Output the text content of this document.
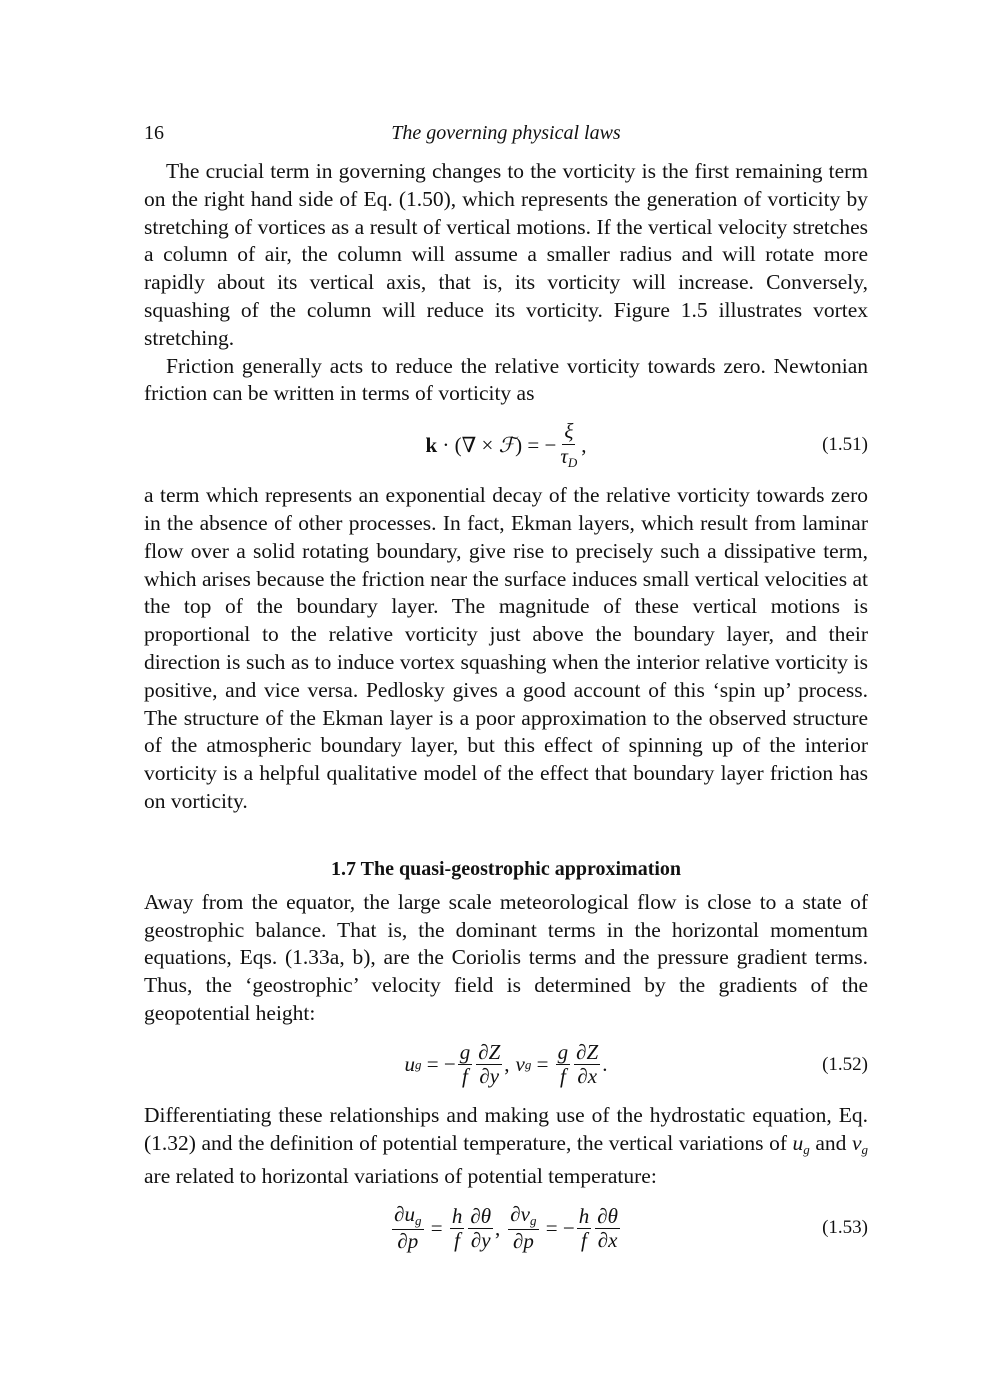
16	The governing physical laws

The crucial term in governing changes to the vorticity is the first remaining term on the right hand side of Eq. (1.50), which represents the generation of vorticity by stretching of vortices as a result of vertical motions. If the vertical velocity stretches a column of air, the column will assume a smaller radius and will rotate more rapidly about its vertical axis, that is, its vorticity will increase. Conversely, squashing of the column will reduce its vorticity. Figure 1.5 illustrates vortex stretching.

Friction generally acts to reduce the relative vorticity towards zero. Newtonian friction can be written in terms of vorticity as

k · (∇ × ℱ ) = − $\frac{\xi}{\tau_D}$ ,	(1.51)

a term which represents an exponential decay of the relative vorticity towards zero in the absence of other processes. In fact, Ekman layers, which result from laminar flow over a solid rotating boundary, give rise to precisely such a dissipative term, which arises because the friction near the surface induces small vertical velocities at the top of the boundary layer. The magnitude of these vertical motions is proportional to the relative vorticity just above the boundary layer, and their direction is such as to induce vortex squashing when the interior relative vorticity is positive, and vice versa. Pedlosky gives a good account of this ‘spin up’ process. The structure of the Ekman layer is a poor approximation to the observed structure of the atmospheric boundary layer, but this effect of spinning up of the interior vorticity is a helpful qualitative model of the effect that boundary layer friction has on vorticity.

1.7 The quasi-geostrophic approximation

Away from the equator, the large scale meteorological flow is close to a state of geostrophic balance. That is, the dominant terms in the horizontal momentum equations, Eqs. (1.33a, b), are the Coriolis terms and the pressure gradient terms. Thus, the ‘geostrophic’ velocity field is determined by the gradients of the geopotential height:

u g = − $\frac{g}{f} \frac{\partial Z}{\partial y}$ , v $g = \frac{g}{f} \frac{\partial Z}{\partial x}$ .	(1.52)

Differentiating these relationships and making use of the hydrostatic equation, Eq. (1.32) and the definition of potential temperature, the vertical variations of $u_g$ and $v_g$ are related to horizontal variations of potential temperature:

$\frac{\partial u_g}{\partial p} = \frac{h}{f} \frac{\partial\theta}{\partial y}$ , $\frac{\partial v_g}{\partial p}$ = − $\frac{h}{f} \frac{\partial\theta}{\partial x}$	(1.53)
